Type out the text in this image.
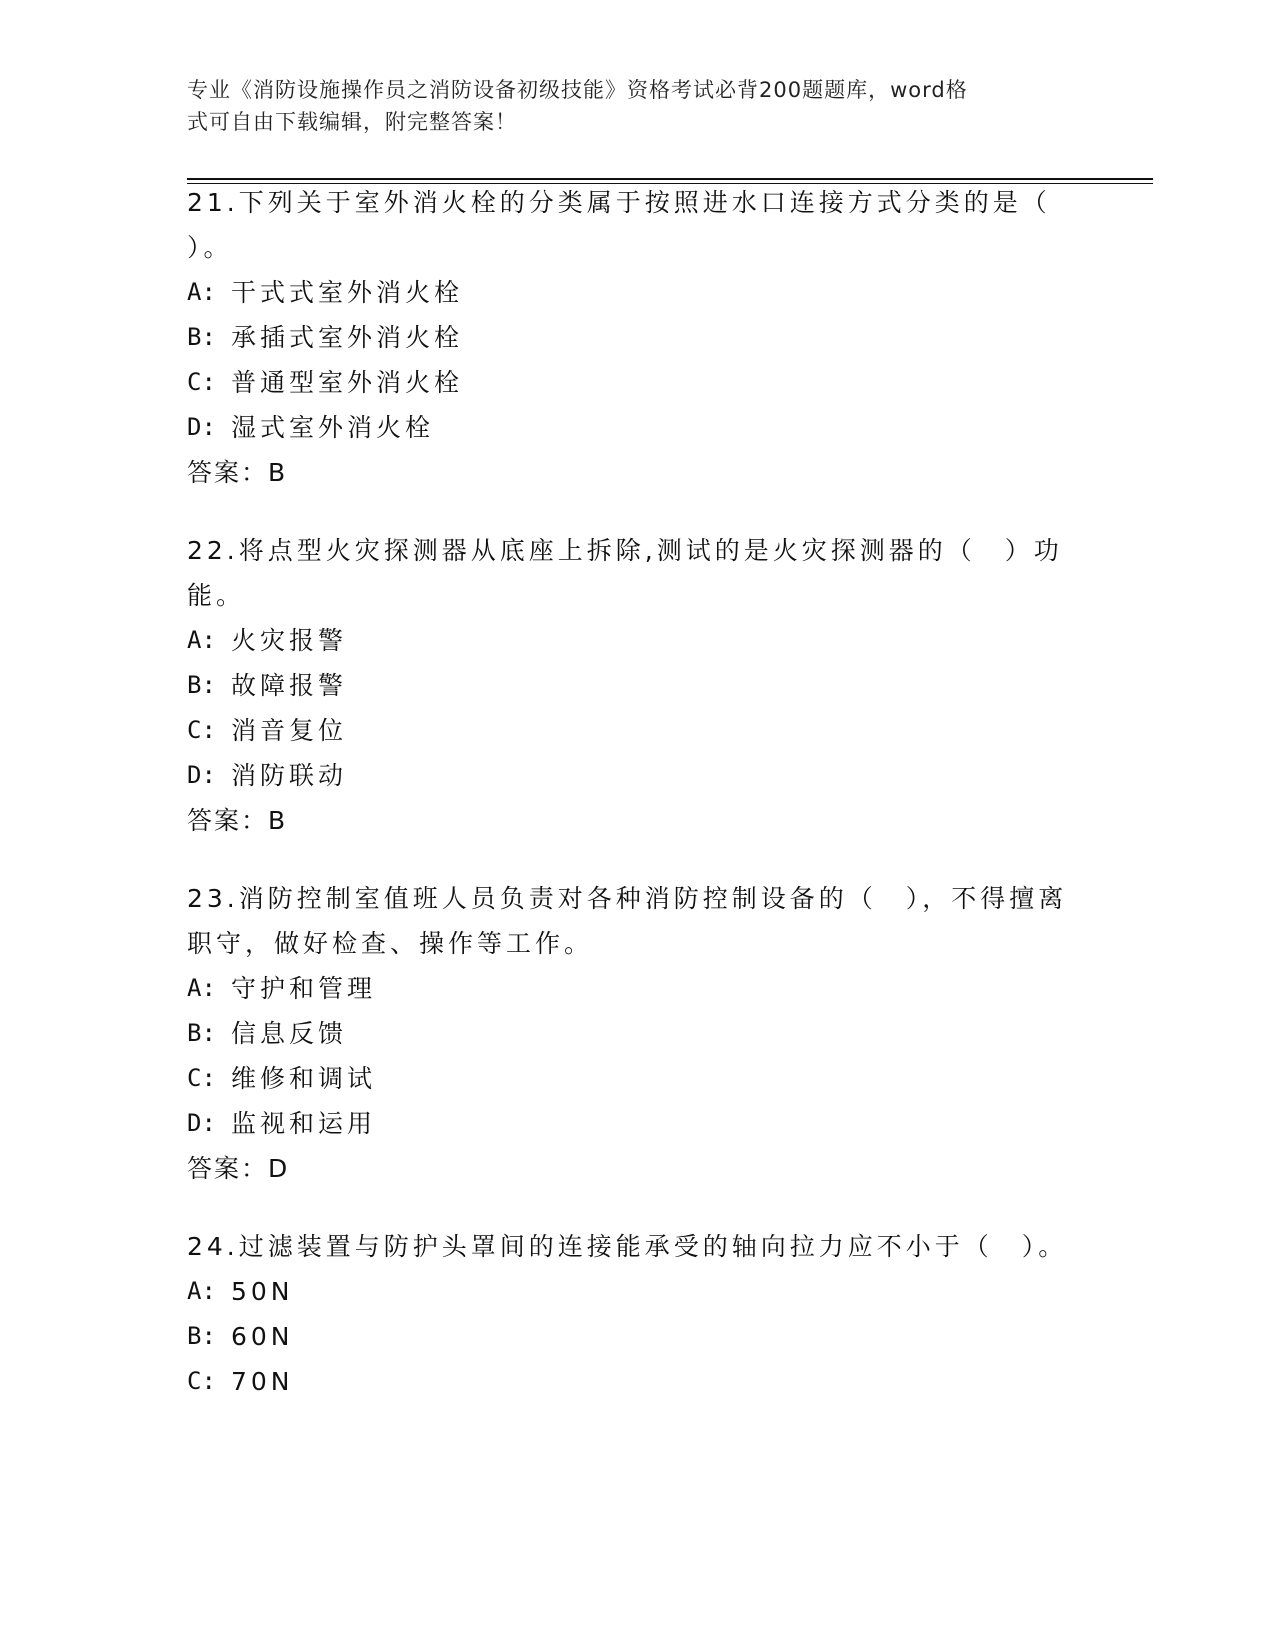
专业《消防设施操作员之消防设备初级技能》资格考试必背200题题库，word格
式可自由下载编辑，附完整答案！

21.下列关于室外消火栓的分类属于按照进水口连接方式分类的是（

）。

A: 干式式室外消火栓

B: 承插式室外消火栓

C: 普通型室外消火栓

D: 湿式室外消火栓

答案：B

22.将点型火灾探测器从底座上拆除,测试的是火灾探测器的（　）功

能。

A: 火灾报警

B: 故障报警

C: 消音复位

D: 消防联动

答案：B

23.消防控制室值班人员负责对各种消防控制设备的（　），不得擅离

职守，做好检查、操作等工作。

A: 守护和管理

B: 信息反馈

C: 维修和调试

D: 监视和运用

答案：D

24.过滤装置与防护头罩间的连接能承受的轴向拉力应不小于（　）。

A: 50N

B: 60N

C: 70N
